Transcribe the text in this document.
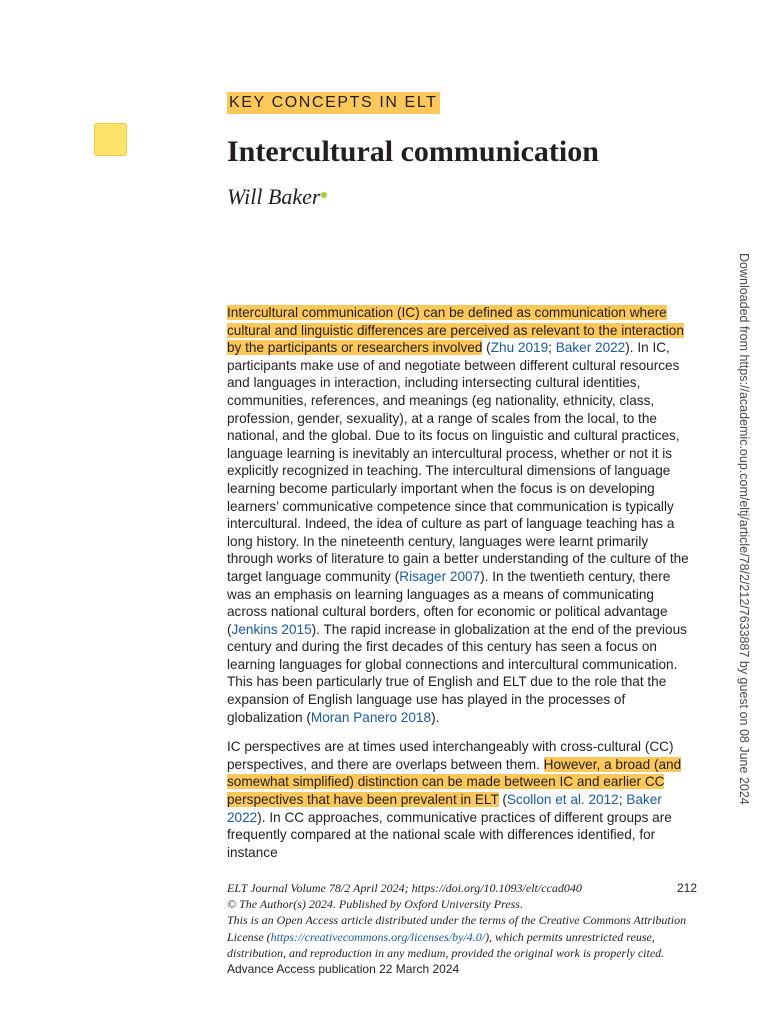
KEY CONCEPTS IN ELT
Intercultural communication
Will Baker
Downloaded from https://academic.oup.com/eltj/article/78/2/212/7633887 by guest on 08 June 2024

Intercultural communication (IC) can be defined as communication where cultural and linguistic differences are perceived as relevant to the interaction by the participants or researchers involved (Zhu 2019; Baker 2022). In IC, participants make use of and negotiate between different cultural resources and languages in interaction, including intersecting cultural identities, communities, references, and meanings (eg nationality, ethnicity, class, profession, gender, sexuality), at a range of scales from the local, to the national, and the global. Due to its focus on linguistic and cultural practices, language learning is inevitably an intercultural process, whether or not it is explicitly recognized in teaching. The intercultural dimensions of language learning become particularly important when the focus is on developing learners’ communicative competence since that communication is typically intercultural. Indeed, the idea of culture as part of language teaching has a long history. In the nineteenth century, languages were learnt primarily through works of literature to gain a better understanding of the culture of the target language community (Risager 2007). In the twentieth century, there was an emphasis on learning languages as a means of communicating across national cultural borders, often for economic or political advantage (Jenkins 2015). The rapid increase in globalization at the end of the previous century and during the first decades of this century has seen a focus on learning languages for global connections and intercultural communication. This has been particularly true of English and ELT due to the role that the expansion of English language use has played in the processes of globalization (Moran Panero 2018).

IC perspectives are at times used interchangeably with cross-cultural (CC) perspectives, and there are overlaps between them. However, a broad (and somewhat simplified) distinction can be made between IC and earlier CC perspectives that have been prevalent in ELT (Scollon et al. 2012; Baker 2022). In CC approaches, communicative practices of different groups are frequently compared at the national scale with differences identified, for instance

ELT Journal Volume 78/2 April 2024; https://doi.org/10.1093/elt/ccad040	212
© The Author(s) 2024. Published by Oxford University Press.
This is an Open Access article distributed under the terms of the Creative Commons Attribution License (https://creativecommons.org/licenses/by/4.0/), which permits unrestricted reuse, distribution, and reproduction in any medium, provided the original work is properly cited.
Advance Access publication 22 March 2024
